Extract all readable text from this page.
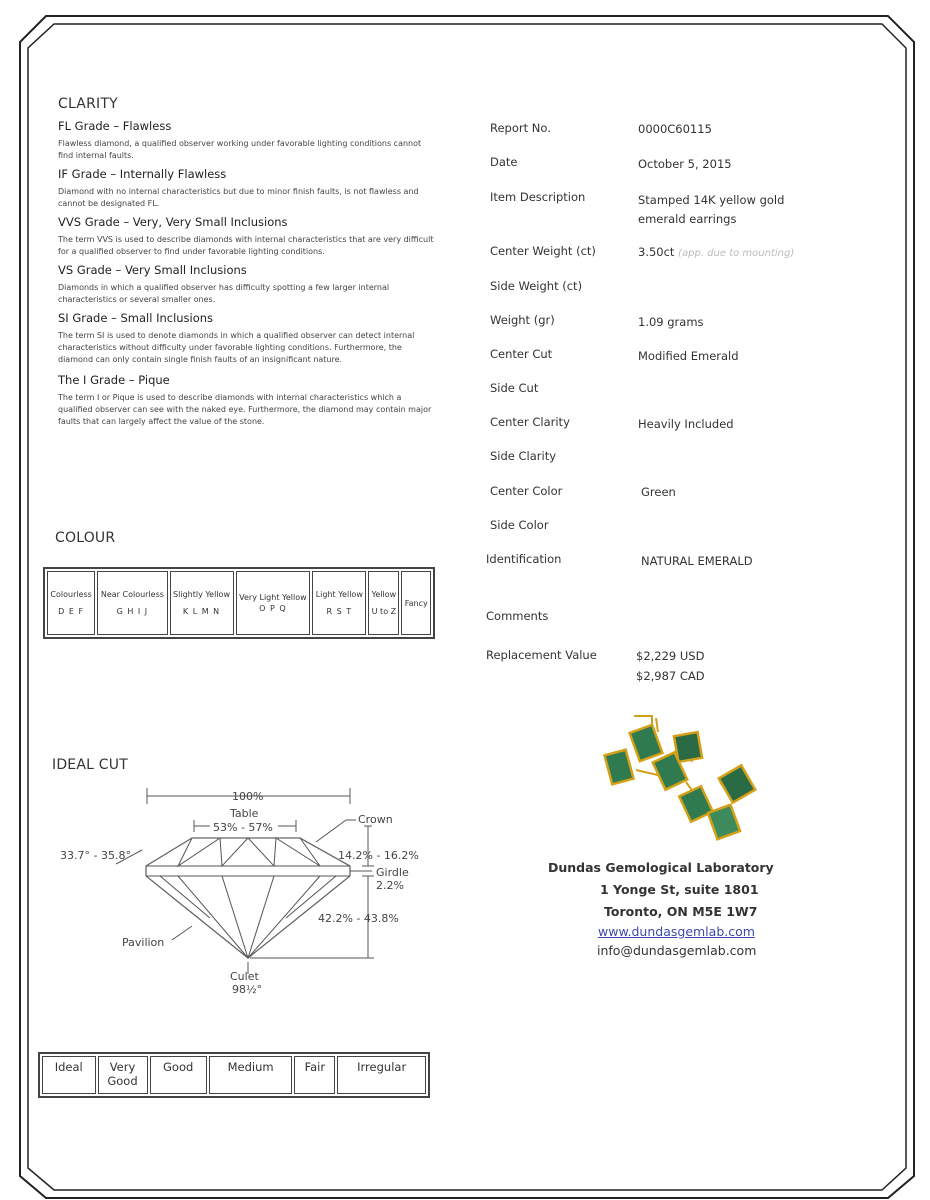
CLARITY
FL Grade – Flawless
Flawless diamond, a qualified observer working under favorable lighting conditions cannot find internal faults.
IF Grade – Internally Flawless
Diamond with no internal characteristics but due to minor finish faults, is not flawless and cannot be designated FL.
VVS Grade – Very, Very Small Inclusions
The term VVS is used to describe diamonds with internal characteristics that are very difficult for a qualified observer to find under favorable lighting conditions.
VS Grade – Very Small Inclusions
Diamonds in which a qualified observer has difficulty spotting a few larger internal characteristics or several smaller ones.
SI Grade – Small Inclusions
The term SI is used to denote diamonds in which a qualified observer can detect internal characteristics without difficulty under favorable lighting conditions. Furthermore, the diamond can only contain single finish faults of an insignificant nature.
The I Grade – Pique
The term I or Pique is used to describe diamonds with internal characteristics which a qualified observer can see with the naked eye. Furthermore, the diamond may contain major faults that can largely affect the value of the stone.
COLOUR
Colourless
D E F

Near Colourless
G H I J

Slightly Yellow
K L M N

Very Light Yellow
O P Q

Light Yellow
R S T

Yellow
U to Z

Fancy
IDEAL CUT
100%
Table
53% - 57%
Crown
33.7° - 35.8°	14.2% - 16.2%
Girdle
2.2%
42.2% - 43.8%
Pavilion
Culet
98½°
Ideal	Very Good	Good	Medium	Fair	Irregular
Report No.	0000C60115
Date	October 5, 2015
Item Description	Stamped 14K yellow gold emerald earrings
Center Weight (ct)	3.50ct (app. due to mounting)
Side Weight (ct)
Weight (gr)	1.09 grams
Center Cut	Modified Emerald
Side Cut
Center Clarity	Heavily Included
Side Clarity
Center Color	Green
Side Color
Identification	NATURAL EMERALD
Comments
Replacement Value	$2,229 USD
$2,987 CAD
Dundas Gemological Laboratory
1 Yonge St, suite 1801
Toronto, ON M5E 1W7
www.dundasgemlab.com
info@dundasgemlab.com
